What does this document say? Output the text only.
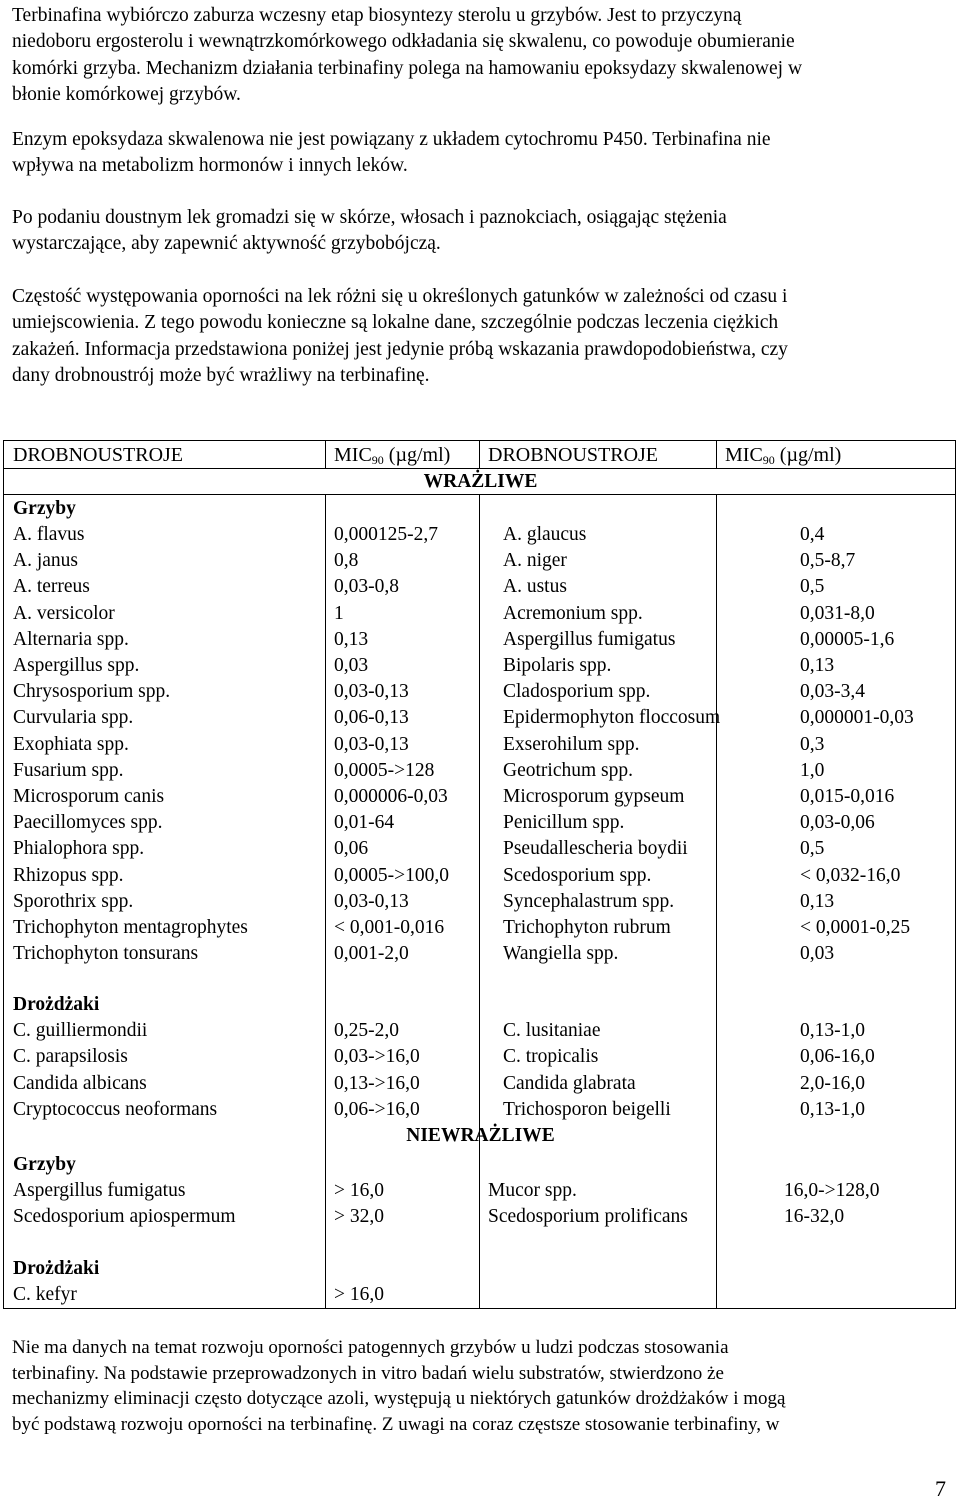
Terbinafina wybiórczo zaburza wczesny etap biosyntezy sterolu u grzybów. Jest to przyczyną
niedoboru ergosterolu i wewnątrzkomórkowego odkładania się skwalenu, co powoduje obumieranie
komórki grzyba. Mechanizm działania terbinafiny polega na hamowaniu epoksydazy skwalenowej w
błonie komórkowej grzybów.
Enzym epoksydaza skwalenowa nie jest powiązany z układem cytochromu P450. Terbinafina nie
wpływa na metabolizm hormonów i innych leków.
Po podaniu doustnym lek gromadzi się w skórze, włosach i paznokciach, osiągając stężenia
wystarczające, aby zapewnić aktywność grzybobójczą.
Częstość występowania oporności na lek różni się u określonych gatunków w zależności od czasu i
umiejscowienia. Z tego powodu konieczne są lokalne dane, szczególnie podczas leczenia ciężkich
zakażeń. Informacja przedstawiona poniżej jest jedynie próbą wskazania prawdopodobieństwa, czy
dany drobnoustrój może być wrażliwy na terbinafinę.
DROBNOUSTROJE	$MIC_{90}$ (µg/ml) DROBNOUSTROJE	$MIC_{90}$ (µg/ml)
WRAŻLIWE
Grzyby
A. flavus	0,000125-2,7	A. glaucus	0,4
A. janus	0,8	A. niger	0,5-8,7
A. terreus	0,03-0,8	A. ustus	0,5
A. versicolor	1	Acremonium spp.	0,031-8,0
Alternaria spp.	0,13	Aspergillus fumigatus	0,00005-1,6
Aspergillus spp.	0,03	Bipolaris spp.	0,13
Chrysosporium spp.	0,03-0,13	Cladosporium spp.	0,03-3,4
Curvularia spp.	0,06-0,13	Epidermophyton floccosum	0,000001-0,03
Exophiata spp.	0,03-0,13	Exserohilum spp.	0,3
Fusarium spp.	0,0005->128	Geotrichum spp.	1,0
Microsporum canis	0,000006-0,03	Microsporum gypseum	0,015-0,016
Paecillomyces spp.	0,01-64	Penicillum spp.	0,03-0,06
Phialophora spp.	0,06	Pseudallescheria boydii	0,5
Rhizopus spp.	0,0005->100,0	Scedosporium spp.	< 0,032-16,0
Sporothrix spp.	0,03-0,13	Syncephalastrum spp.	0,13
Trichophyton mentagrophytes	< 0,001-0,016	Trichophyton rubrum	< 0,0001-0,25
Trichophyton tonsurans	0,001-2,0	Wangiella spp.	0,03
Drożdżaki
C. guilliermondii	0,25-2,0	C. lusitaniae	0,13-1,0
C. parapsilosis	0,03->16,0	C. tropicalis	0,06-16,0
Candida albicans	0,13->16,0	Candida glabrata	2,0-16,0
Cryptococcus neoformans	0,06->16,0	Trichosporon beigelli	0,13-1,0
NIEWRAŻLIWE
Grzyby
Aspergillus fumigatus	> 16,0	Mucor spp.	16,0->128,0
Scedosporium apiospermum	> 32,0	Scedosporium prolificans	16-32,0
Drożdżaki
C. kefyr	> 16,0
Nie ma danych na temat rozwoju oporności patogennych grzybów u ludzi podczas stosowania
terbinafiny. Na podstawie przeprowadzonych in vitro badań wielu substratów, stwierdzono że
mechanizmy eliminacji często dotyczące azoli, występują u niektórych gatunków drożdżaków i mogą
być podstawą rozwoju oporności na terbinafinę. Z uwagi na coraz częstsze stosowanie terbinafiny, w
7
